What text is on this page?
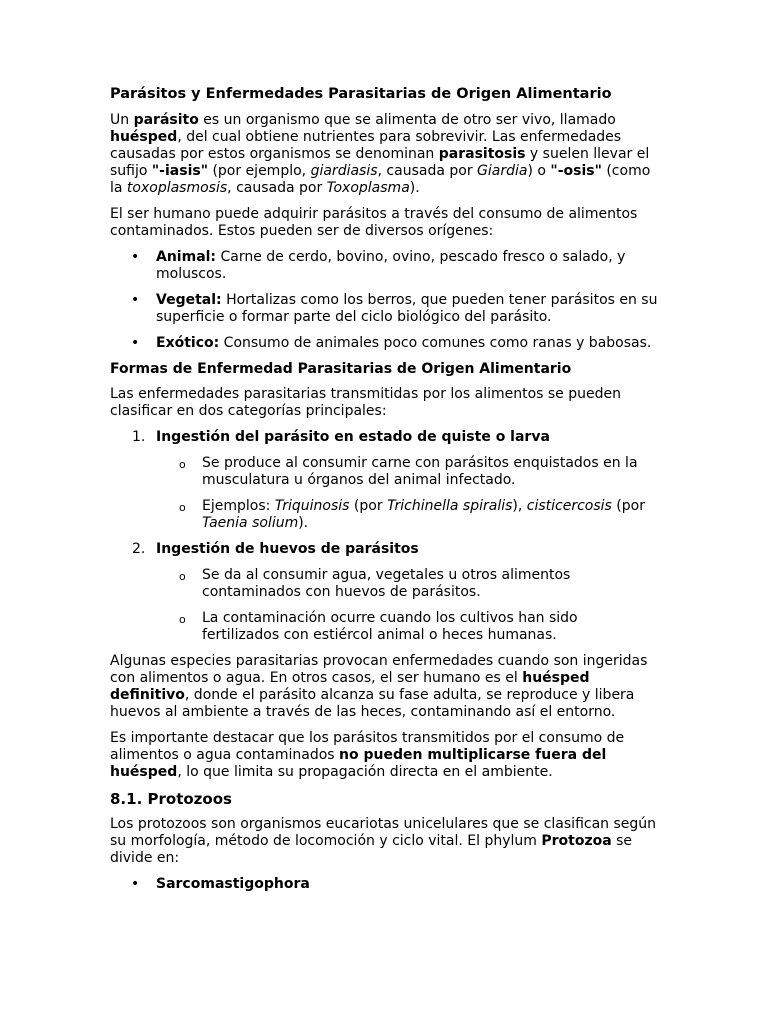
Parásitos y Enfermedades Parasitarias de Origen Alimentario

Un parásito es un organismo que se alimenta de otro ser vivo, llamado huésped, del cual obtiene nutrientes para sobrevivir. Las enfermedades causadas por estos organismos se denominan parasitosis y suelen llevar el sufijo "-iasis" (por ejemplo, giardiasis, causada por Giardia) o "-osis" (como la toxoplasmosis, causada por Toxoplasma).

El ser humano puede adquirir parásitos a través del consumo de alimentos contaminados. Estos pueden ser de diversos orígenes:

• Animal: Carne de cerdo, bovino, ovino, pescado fresco o salado, y moluscos.
• Vegetal: Hortalizas como los berros, que pueden tener parásitos en su superficie o formar parte del ciclo biológico del parásito.
• Exótico: Consumo de animales poco comunes como ranas y babosas.
Formas de Enfermedad Parasitarias de Origen Alimentario

Las enfermedades parasitarias transmitidas por los alimentos se pueden clasificar en dos categorías principales:

1. Ingestión del parásito en estado de quiste o larva
o Se produce al consumir carne con parásitos enquistados en la musculatura u órganos del animal infectado.
o Ejemplos: Triquinosis (por Trichinella spiralis), cisticercosis (por Taenia solium).
2. Ingestión de huevos de parásitos
o Se da al consumir agua, vegetales u otros alimentos contaminados con huevos de parásitos.
o La contaminación ocurre cuando los cultivos han sido fertilizados con estiércol animal o heces humanas.

Algunas especies parasitarias provocan enfermedades cuando son ingeridas con alimentos o agua. En otros casos, el ser humano es el huésped definitivo, donde el parásito alcanza su fase adulta, se reproduce y libera huevos al ambiente a través de las heces, contaminando así el entorno.

Es importante destacar que los parásitos transmitidos por el consumo de alimentos o agua contaminados no pueden multiplicarse fuera del huésped, lo que limita su propagación directa en el ambiente.

8.1. Protozoos

Los protozoos son organismos eucariotas unicelulares que se clasifican según su morfología, método de locomoción y ciclo vital. El phylum Protozoa se divide en:

• Sarcomastigophora
